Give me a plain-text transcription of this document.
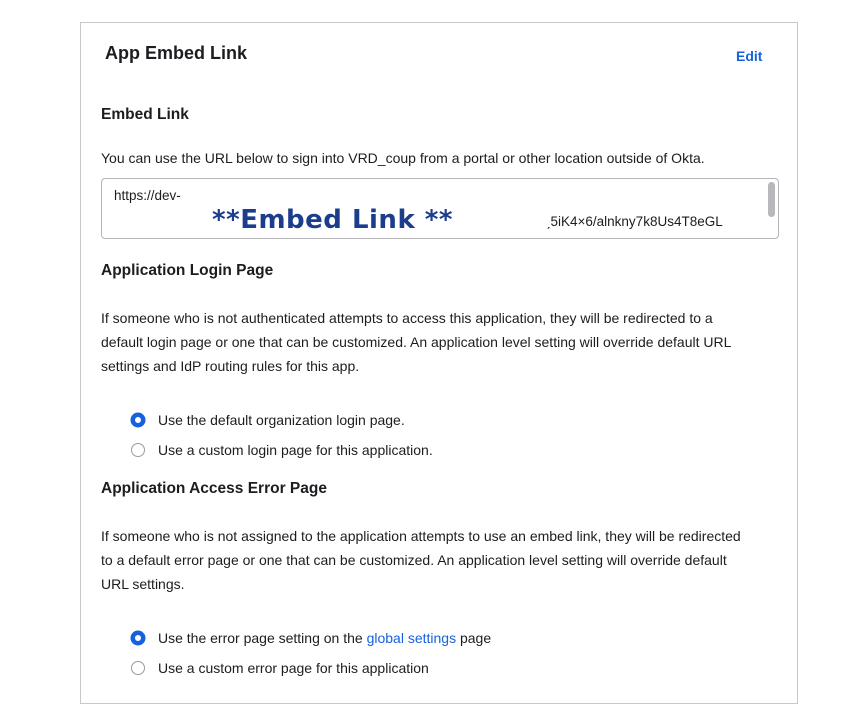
App Embed Link	Edit
Embed Link
You can use the URL below to sign into VRD_coup from a portal or other location outside of Okta.
https://dev-
**Embed Link **	ˏ5iK4×6/alnkny7k8Us4T8eGL
Application Login Page
If someone who is not authenticated attempts to access this application, they will be redirected to a
default login page or one that can be customized. An application level setting will override default URL
settings and IdP routing rules for this app.
Use the default organization login page.
Use a custom login page for this application.
Application Access Error Page
If someone who is not assigned to the application attempts to use an embed link, they will be redirected
to a default error page or one that can be customized. An application level setting will override default
URL settings.
Use the error page setting on the global settings page
Use a custom error page for this application
